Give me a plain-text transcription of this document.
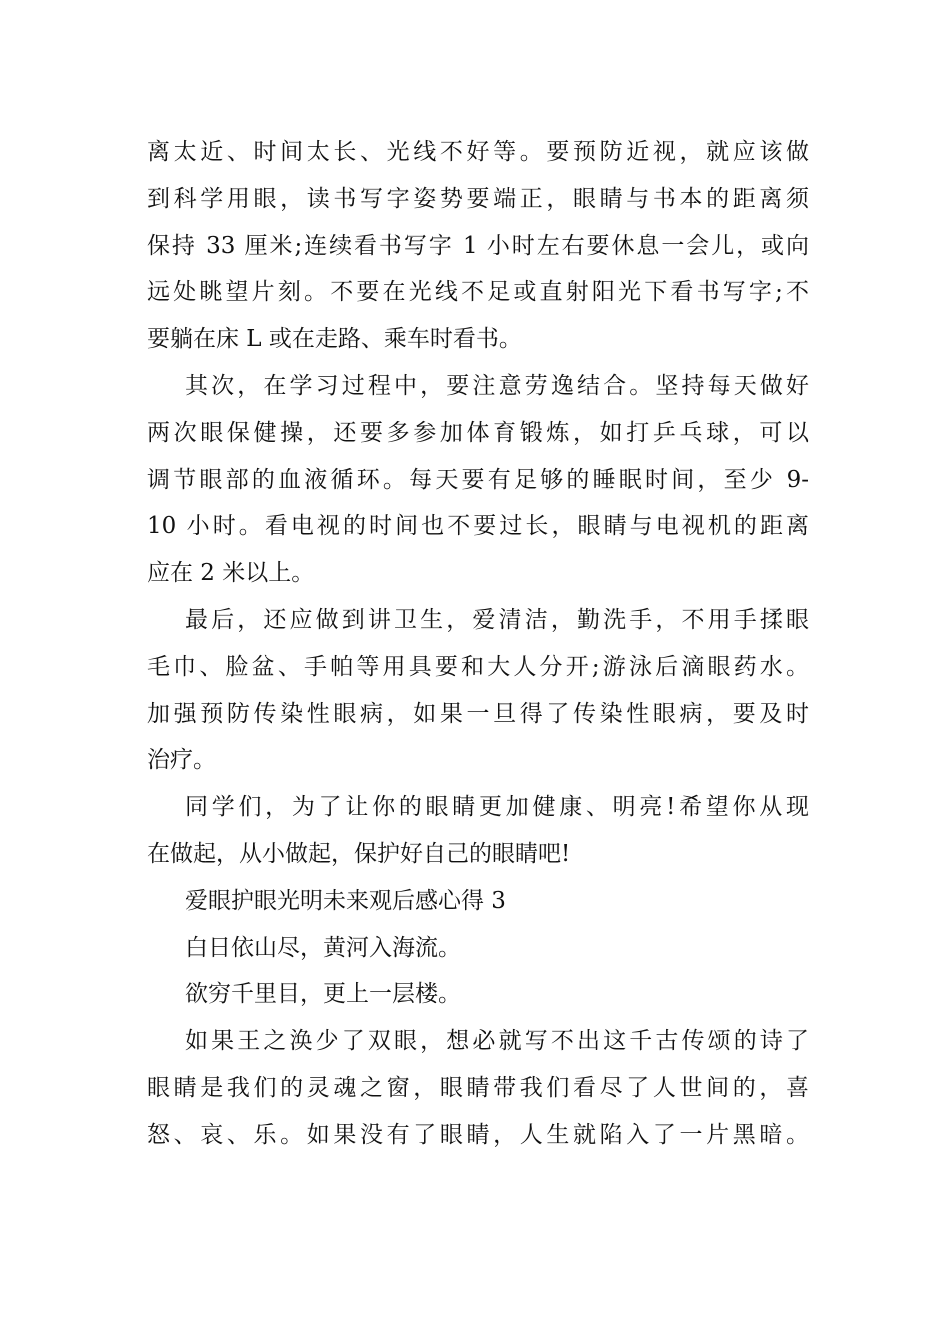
离太近、时间太长、光线不好等。要预防近视，就应该做
到科学用眼，读书写字姿势要端正，眼睛与书本的距离须
保持 33 厘米;连续看书写字 1 小时左右要休息一会儿，或向
远处眺望片刻。不要在光线不足或直射阳光下看书写字;不
要躺在床 L 或在走路、乘车时看书。
其次，在学习过程中，要注意劳逸结合。坚持每天做好
两次眼保健操，还要多参加体育锻炼，如打乒乓球，可以
调节眼部的血液循环。每天要有足够的睡眠时间，至少 9-
10 小时。看电视的时间也不要过长，眼睛与电视机的距离
应在 2 米以上。
最后，还应做到讲卫生，爱清洁，勤洗手，不用手揉眼
毛巾、脸盆、手帕等用具要和大人分开;游泳后滴眼药水。
加强预防传染性眼病，如果一旦得了传染性眼病，要及时
治疗。
同学们，为了让你的眼睛更加健康、明亮!希望你从现
在做起，从小做起，保护好自己的眼睛吧!
爱眼护眼光明未来观后感心得 3
白日依山尽，黄河入海流。
欲穷千里目，更上一层楼。
如果王之涣少了双眼，想必就写不出这千古传颂的诗了
眼睛是我们的灵魂之窗，眼睛带我们看尽了人世间的，喜
怒、哀、乐。如果没有了眼睛，人生就陷入了一片黑暗。
